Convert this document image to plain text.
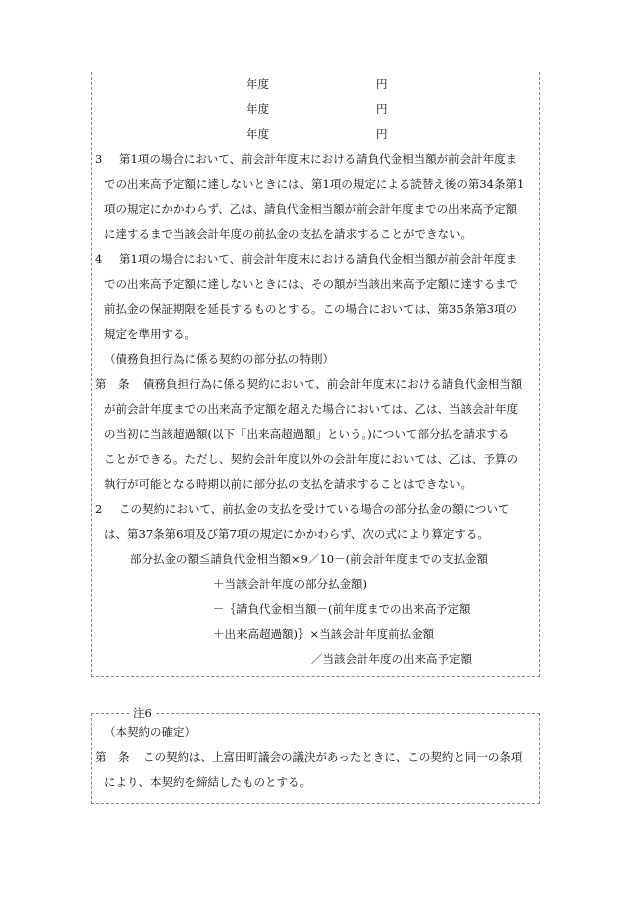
年度	円
年度	円
年度	円
3 第1項の場合において、前会計年度末における請負代金相当額が前会計年度ま
での出来高予定額に達しないときには、第1項の規定による読替え後の第34条第1
項の規定にかかわらず、乙は、請負代金相当額が前会計年度までの出来高予定額
に達するまで当該会計年度の前払金の支払を請求することができない。
4 第1項の場合において、前会計年度末における請負代金相当額が前会計年度ま
での出来高予定額に達しないときには、その額が当該出来高予定額に達するまで
前払金の保証期限を延長するものとする。この場合においては、第35条第3項の
規定を準用する。
（債務負担行為に係る契約の部分払の特則）
第　条 債務負担行為に係る契約において、前会計年度末における請負代金相当額
が前会計年度までの出来高予定額を超えた場合においては、乙は、当該会計年度
の当初に当該超過額(以下「出来高超過額」という。)について部分払を請求する
ことができる。ただし、契約会計年度以外の会計年度においては、乙は、予算の
執行が可能となる時期以前に部分払の支払を請求することはできない。
2 この契約において、前払金の支払を受けている場合の部分払金の額について
は、第37条第6項及び第7項の規定にかかわらず、次の式により算定する。
部分払金の額≦請負代金相当額×9／10－(前会計年度までの支払金額
＋当該会計年度の部分払金額)
－｛請負代金相当額－(前年度までの出来高予定額
＋出来高超過額)｝×当該会計年度前払金額
／当該会計年度の出来高予定額
注6
（本契約の確定）
第　条 この契約は、上富田町議会の議決があったときに、この契約と同一の条項
により、本契約を締結したものとする。
